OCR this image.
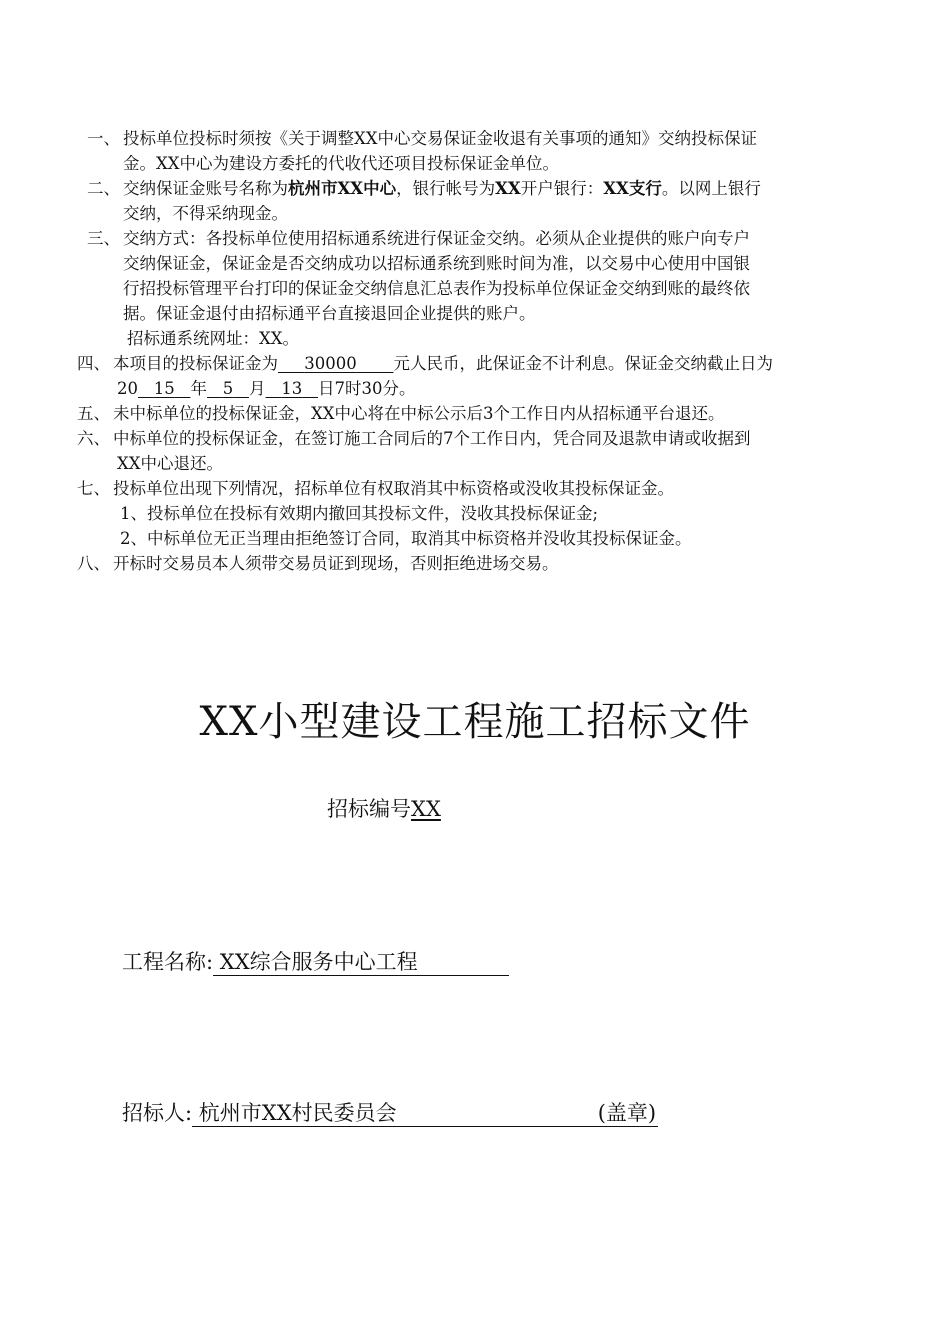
一、 投标单位投标时须按《关于调整XX中心交易保证金收退有关事项的通知》交纳投标保证
金。XX中心为建设方委托的代收代还项目投标保证金单位。
二、 交纳保证金账号名称为杭州市XX中心，银行帐号为XX开户银行：XX支行。以网上银行
交纳，不得采纳现金。
三、 交纳方式：各投标单位使用招标通系统进行保证金交纳。必须从企业提供的账户向专户
交纳保证金，保证金是否交纳成功以招标通系统到账时间为准，以交易中心使用中国银
行招投标管理平台打印的保证金交纳信息汇总表作为投标单位保证金交纳到账的最终依
据。保证金退付由招标通平台直接退回企业提供的账户。
招标通系统网址：XX。
四、 本项目的投标保证金为 30000 元人民币，此保证金不计利息。保证金交纳截止日为
20 15 年 5 月 13 日7时30分。
五、 未中标单位的投标保证金，XX中心将在中标公示后3个工作日内从招标通平台退还。
六、 中标单位的投标保证金，在签订施工合同后的7个工作日内，凭合同及退款申请或收据到
XX中心退还。
七、 投标单位出现下列情况，招标单位有权取消其中标资格或没收其投标保证金。
1、投标单位在投标有效期内撤回其投标文件，没收其投标保证金;
2、中标单位无正当理由拒绝签订合同，取消其中标资格并没收其投标保证金。
八、 开标时交易员本人须带交易员证到现场，否则拒绝进场交易。
XX小型建设工程施工招标文件
招标编号XX
工程名称: XX综合服务中心工程
招标人: 杭州市XX村民委员会	(盖章)
